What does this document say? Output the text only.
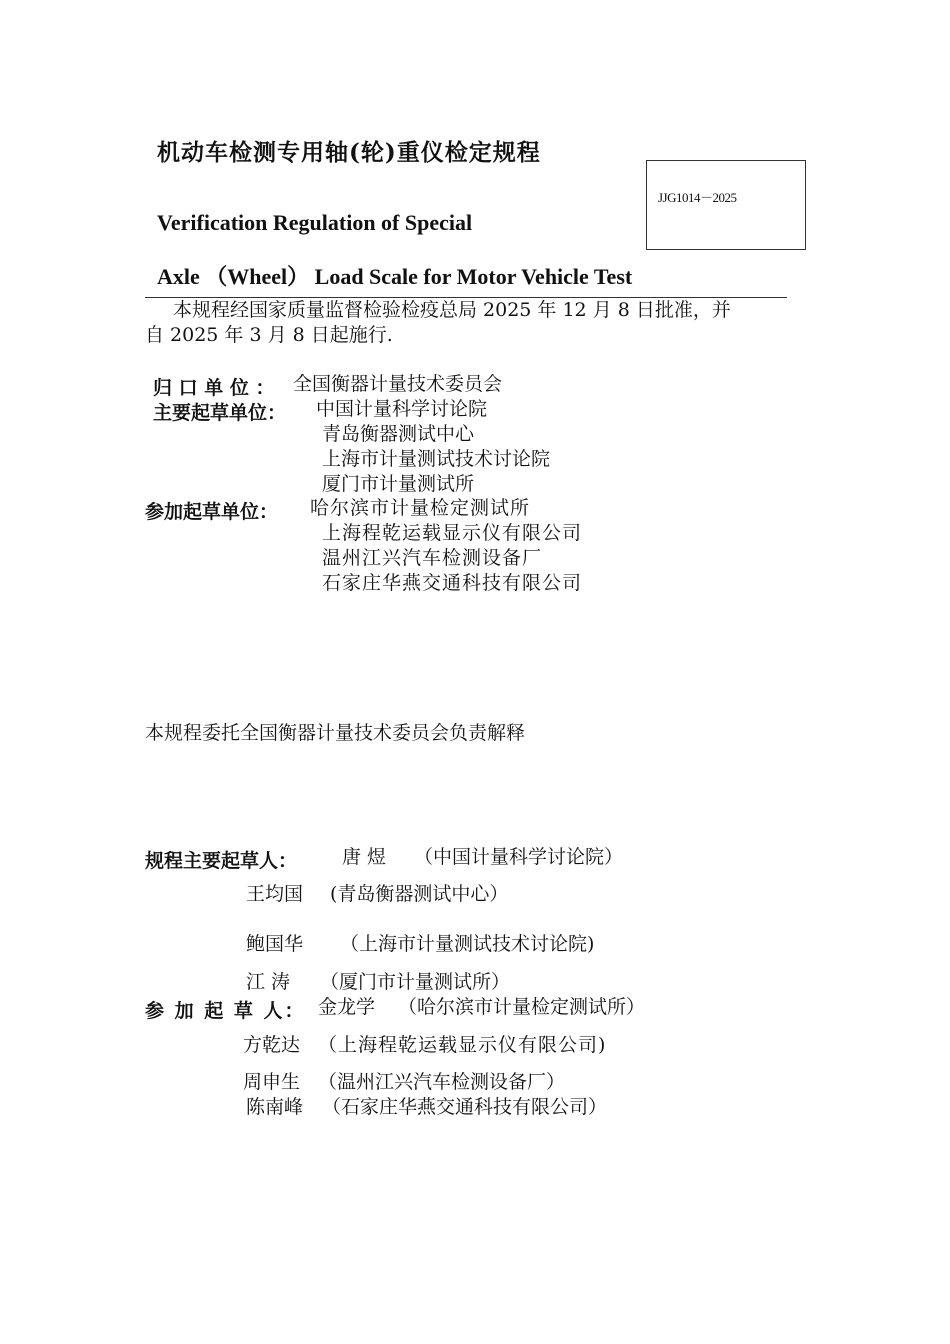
机动车检测专用轴(轮)重仪检定规程
JJG1014－2025
Verification Regulation of Special
Axle （Wheel） Load Scale for Motor Vehicle Test
本规程经国家质量监督检验检疫总局 2025 年 12 月 8 日批准，并
自 2025 年 3 月 8 日起施行.
归 口 单 位 ： 全国衡器计量技术委员会
主要起草单位： 中国计量科学讨论院
青岛衡器测试中心
上海市计量测试技术讨论院
厦门市计量测试所
参加起草单位： 哈尔滨市计量检定测试所
上海程乾运载显示仪有限公司
温州江兴汽车检测设备厂
石家庄华燕交通科技有限公司
本规程委托全国衡器计量技术委员会负责解释
规程主要起草人： 唐 煜 （中国计量科学讨论院）
王均国 (青岛衡器测试中心）
鲍国华 （上海市计量测试技术讨论院)
江 涛 （厦门市计量测试所）
参 加 起 草 人： 金龙学 （哈尔滨市计量检定测试所）
方乾达 （上海程乾运载显示仪有限公司)
周申生 （温州江兴汽车检测设备厂）
陈南峰 （石家庄华燕交通科技有限公司）
